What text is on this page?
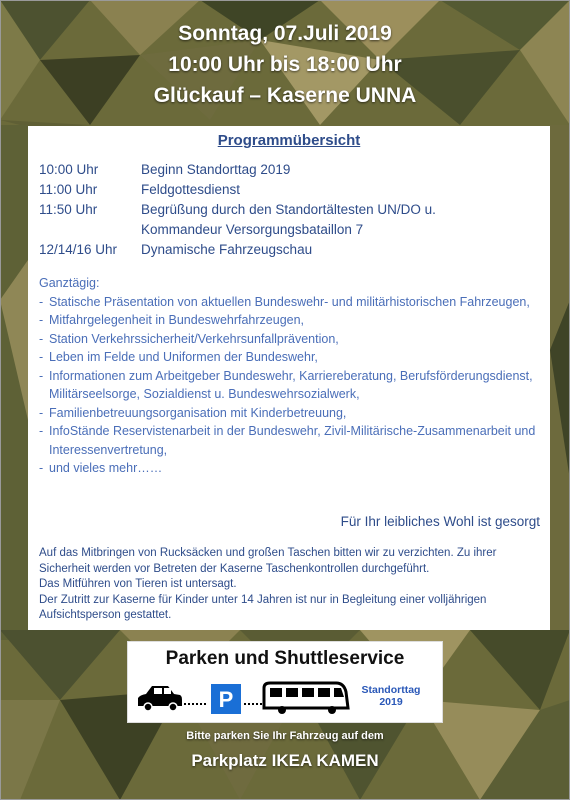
Sonntag, 07.Juli 2019
10:00 Uhr bis 18:00 Uhr
Glückauf – Kaserne UNNA
Programmübersicht
10:00 Uhr	Beginn Standorttag 2019
11:00 Uhr	Feldgottesdienst
11:50 Uhr	Begrüßung durch den Standortältesten UN/DO u.
Kommandeur Versorgungsbataillon 7
12/14/16 Uhr	Dynamische Fahrzeugschau
Ganztägig:
- Statische Präsentation von aktuellen Bundeswehr- und militärhistorischen Fahrzeugen,
- Mitfahrgelegenheit in Bundeswehrfahrzeugen,
- Station Verkehrssicherheit/Verkehrsunfallprävention,
- Leben im Felde und Uniformen der Bundeswehr,
- Informationen zum Arbeitgeber Bundeswehr, Karriereberatung, Berufsförderungsdienst, Militärseelsorge, Sozialdienst u. Bundeswehrsozialwerk,
- Familienbetreuungsorganisation mit Kinderbetreuung,
- InfoStände Reservistenarbeit in der Bundeswehr, Zivil-Militärische-Zusammenarbeit und Interessenvertretung,
- und vieles mehr……
Für Ihr leibliches Wohl ist gesorgt

Auf das Mitbringen von Rucksäcken und großen Taschen bitten wir zu verzichten. Zu ihrer Sicherheit werden vor Betreten der Kaserne Taschenkontrollen durchgeführt.

Das Mitführen von Tieren ist untersagt.

Der Zutritt zur Kaserne für Kinder unter 14 Jahren ist nur in Begleitung einer volljährigen Aufsichtsperson gestattet.

Parken und Shuttleservice
P	Standorttag
2019
Bitte parken Sie Ihr Fahrzeug auf dem
Parkplatz IKEA KAMEN
